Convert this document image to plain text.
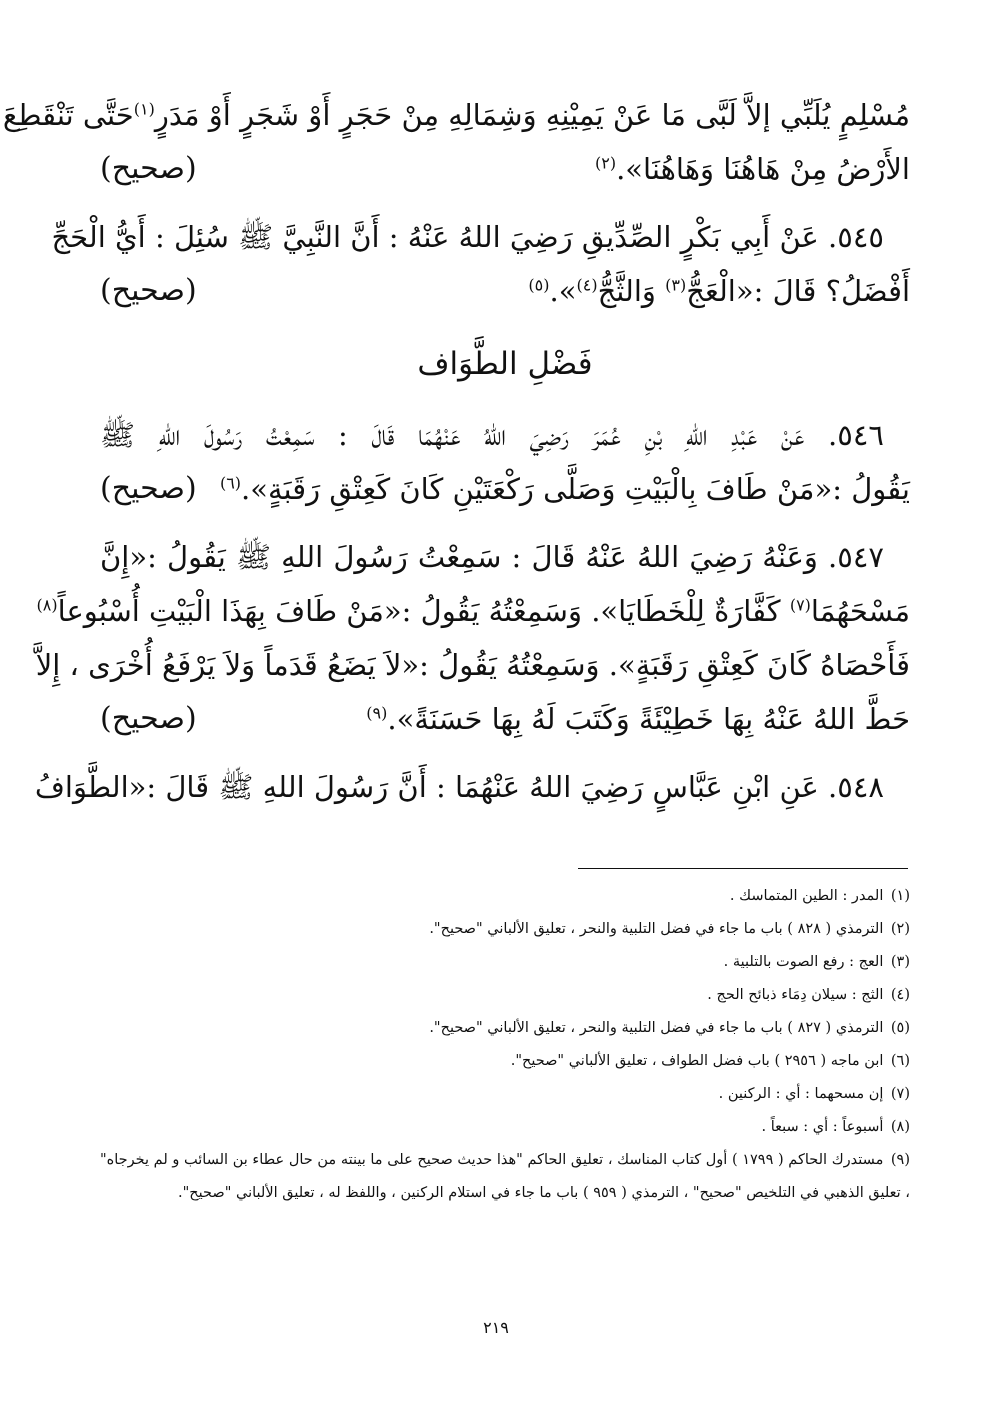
مُسْلِمٍ يُلَبِّي إلاَّ لَبَّى مَا عَنْ يَمِيْنِهِ وَشِمَالِهِ مِنْ حَجَرٍ أَوْ شَجَرٍ أَوْ مَدَرٍ$^{(١)}$حَتَّى تَنْقَطِعَ
الأَرْضُ مِنْ هَاهُنَا وَهَاهُنَا».$^{(٢)}$
(صحيح)
٥٤٥. عَنْ أَبِي بَكْرٍ الصِّدِّيقِ رَضِيَ اللهُ عَنْهُ : أَنَّ النَّبِيَّ ﷺ سُئِلَ : أَيُّ الْحَجِّ
أَفْضَلُ؟ قَالَ :«الْعَجُّ$^{(٣)}$ وَالثَّجُّ$^{(٤)}$».$^{(٥)}$
(صحيح)
فَضْلِ الطَّوَاف
٥٤٦. عَنْ عَبْدِ اللهِ بْنِ عُمَرَ رَضِيَ اللهُ عَنْهُمَا قَالَ : سَمِعْتُ رَسُولَ اللهِ ﷺ
يَقُولُ :«مَنْ طَافَ بِالْبَيْتِ وَصَلَّى رَكْعَتَيْنِ كَانَ كَعِتْقِ رَقَبَةٍ».$^{(٦)}$
(صحيح)
٥٤٧. وَعَنْهُ رَضِيَ اللهُ عَنْهُ قَالَ : سَمِعْتُ رَسُولَ اللهِ ﷺ يَقُولُ :«إِنَّ
مَسْحَهُمَا$^{(٧)}$ كَفَّارَةٌ لِلْخَطَايَا». وَسَمِعْتُهُ يَقُولُ :«مَنْ طَافَ بِهَذَا الْبَيْتِ أُسْبُوعاً$^{(٨)}$
فَأَحْصَاهُ كَانَ كَعِتْقِ رَقَبَةٍ». وَسَمِعْتُهُ يَقُولُ :«لاَ يَضَعُ قَدَماً وَلاَ يَرْفَعُ أُخْرَى ، إِلاَّ
حَطَّ اللهُ عَنْهُ بِهَا خَطِيْئَةً وَكَتَبَ لَهُ بِهَا حَسَنَةً».$^{(٩)}$
(صحيح)
٥٤٨. عَنِ ابْنِ عَبَّاسٍ رَضِيَ اللهُ عَنْهُمَا : أَنَّ رَسُولَ اللهِ ﷺ قَالَ :«الطَّوَافُ
(١) المدر : الطين المتماسك .
(٢) الترمذي ( ٨٢٨ ) باب ما جاء في فضل التلبية والنحر ، تعليق الألباني "صحيح".
(٣) العج : رفع الصوت بالتلبية .
(٤) الثج : سيلان دِمَاء ذبائح الحج .
(٥) الترمذي ( ٨٢٧ ) باب ما جاء في فضل التلبية والنحر ، تعليق الألباني "صحيح".
(٦) ابن ماجه ( ٢٩٥٦ ) باب فضل الطواف ، تعليق الألباني "صحيح".
(٧) إن مسحهما : أي : الركنين .
(٨) أسبوعاً : أي : سبعاً .
(٩) مستدرك الحاكم ( ١٧٩٩ ) أول كتاب المناسك ، تعليق الحاكم "هذا حديث صحيح على ما بينته من حال عطاء بن السائب و لم يخرجاه" ، تعليق الذهبي في التلخيص "صحيح" ، الترمذي ( ٩٥٩ ) باب ما جاء في استلام الركنين ، واللفظ له ، تعليق الألباني "صحيح".
٢١٩
